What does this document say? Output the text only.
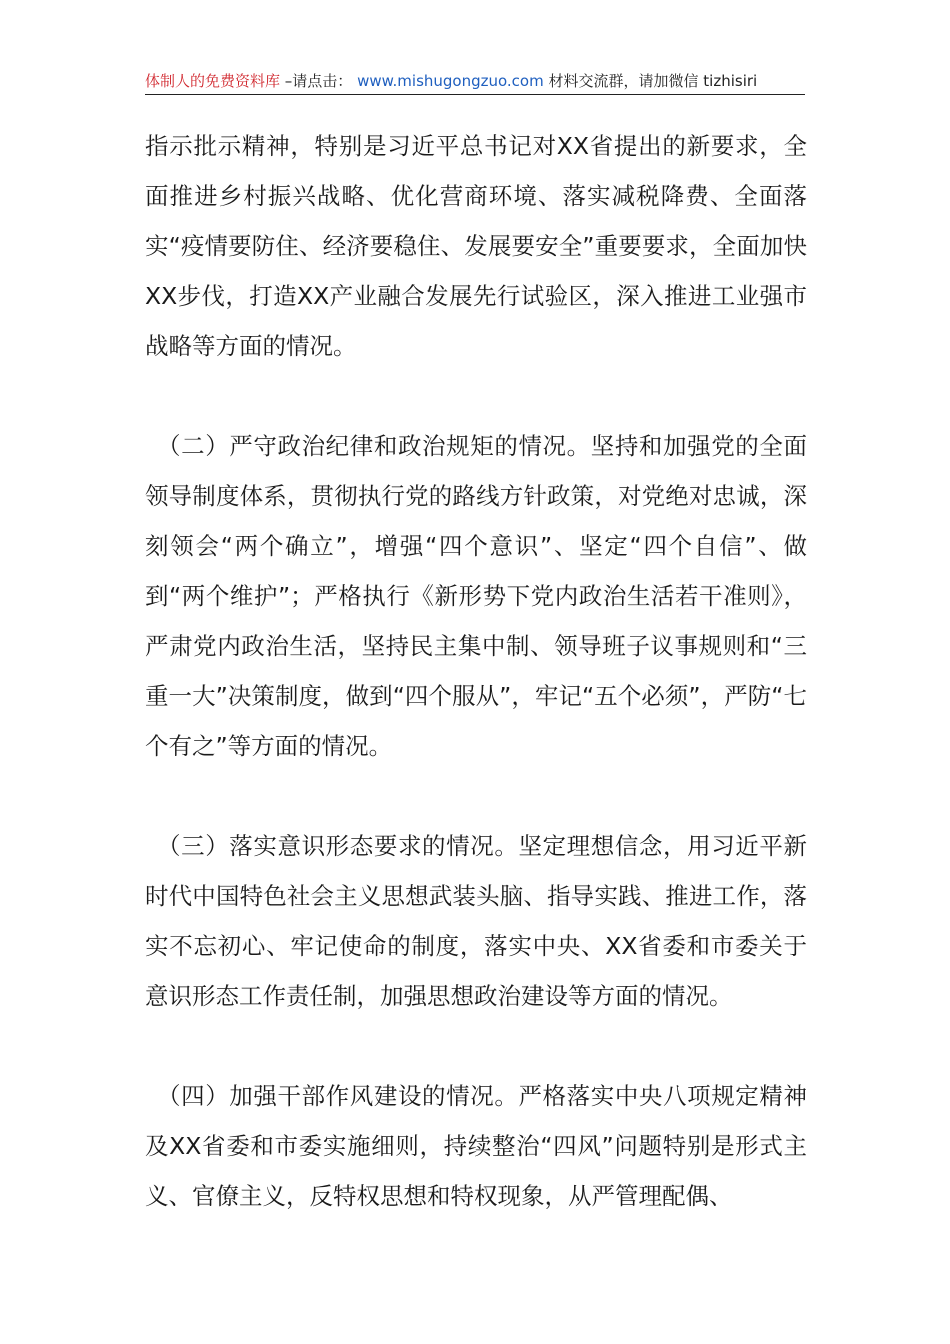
体制人的免费资料库 –请点击： www.mishugongzuo.com 材料交流群，请加微信 tizhisiri

指示批示精神，特别是习近平总书记对XX省提出的新要求，全面推进乡村振兴战略、优化营商环境、落实减税降费、全面落实“疫情要防住、经济要稳住、发展要安全”重要要求，全面加快XX步伐，打造XX产业融合发展先行试验区，深入推进工业强市战略等方面的情况。

（二）严守政治纪律和政治规矩的情况。坚持和加强党的全面领导制度体系，贯彻执行党的路线方针政策，对党绝对忠诚，深刻领会“两个确立”，增强“四个意识”、坚定“四个自信”、做到“两个维护”；严格执行《新形势下党内政治生活若干准则》，严肃党内政治生活，坚持民主集中制、领导班子议事规则和“三重一大”决策制度，做到“四个服从”，牢记“五个必须”，严防“七个有之”等方面的情况。

（三）落实意识形态要求的情况。坚定理想信念，用习近平新时代中国特色社会主义思想武装头脑、指导实践、推进工作，落实不忘初心、牢记使命的制度，落实中央、XX省委和市委关于意识形态工作责任制，加强思想政治建设等方面的情况。

（四）加强干部作风建设的情况。严格落实中央八项规定精神及XX省委和市委实施细则，持续整治“四风”问题特别是形式主义、官僚主义，反特权思想和特权现象，从严管理配偶、
